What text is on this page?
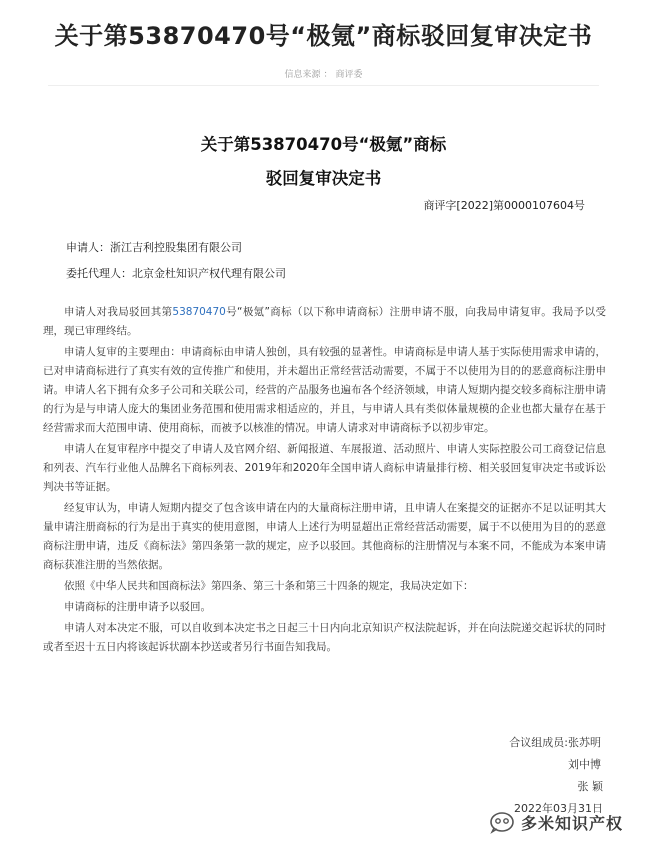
关于第53870470号“极氪”商标驳回复审决定书
信息来源 ： 商评委
关于第53870470号“极氪”商标
驳回复审决定书
商评字[2022]第0000107604号
申请人：浙江吉利控股集团有限公司
委托代理人：北京金杜知识产权代理有限公司

申请人对我局驳回其第53870470号“极氪”商标（以下称申请商标）注册申请不服，向我局申请复审。我局予以受理，现已审理终结。

申请人复审的主要理由：申请商标由申请人独创，具有较强的显著性。申请商标是申请人基于实际使用需求申请的，已对申请商标进行了真实有效的宣传推广和使用，并未超出正常经营活动需要，不属于不以使用为目的的恶意商标注册申请。申请人名下拥有众多子公司和关联公司，经营的产品服务也遍布各个经济领域，申请人短期内提交较多商标注册申请的行为是与申请人庞大的集团业务范围和使用需求相适应的，并且，与申请人具有类似体量规模的企业也都大量存在基于经营需求而大范围申请、使用商标，而被予以核准的情况。申请人请求对申请商标予以初步审定。

申请人在复审程序中提交了申请人及官网介绍、新闻报道、车展报道、活动照片、申请人实际控股公司工商登记信息和列表、汽车行业他人品牌名下商标列表、2019年和2020年全国申请人商标申请量排行榜、相关驳回复审决定书或诉讼判决书等证据。

经复审认为，申请人短期内提交了包含该申请在内的大量商标注册申请，且申请人在案提交的证据亦不足以证明其大量申请注册商标的行为是出于真实的使用意图，申请人上述行为明显超出正常经营活动需要，属于不以使用为目的的恶意商标注册申请，违反《商标法》第四条第一款的规定，应予以驳回。其他商标的注册情况与本案不同，不能成为本案申请商标获准注册的当然依据。

依照《中华人民共和国商标法》第四条、第三十条和第三十四条的规定，我局决定如下：

申请商标的注册申请予以驳回。

申请人对本决定不服，可以自收到本决定书之日起三十日内向北京知识产权法院起诉，并在向法院递交起诉状的同时或者至迟十五日内将该起诉状副本抄送或者另行书面告知我局。

合议组成员:张苏明
刘中博
张 颖
2022年03月31日
多米知识产权
